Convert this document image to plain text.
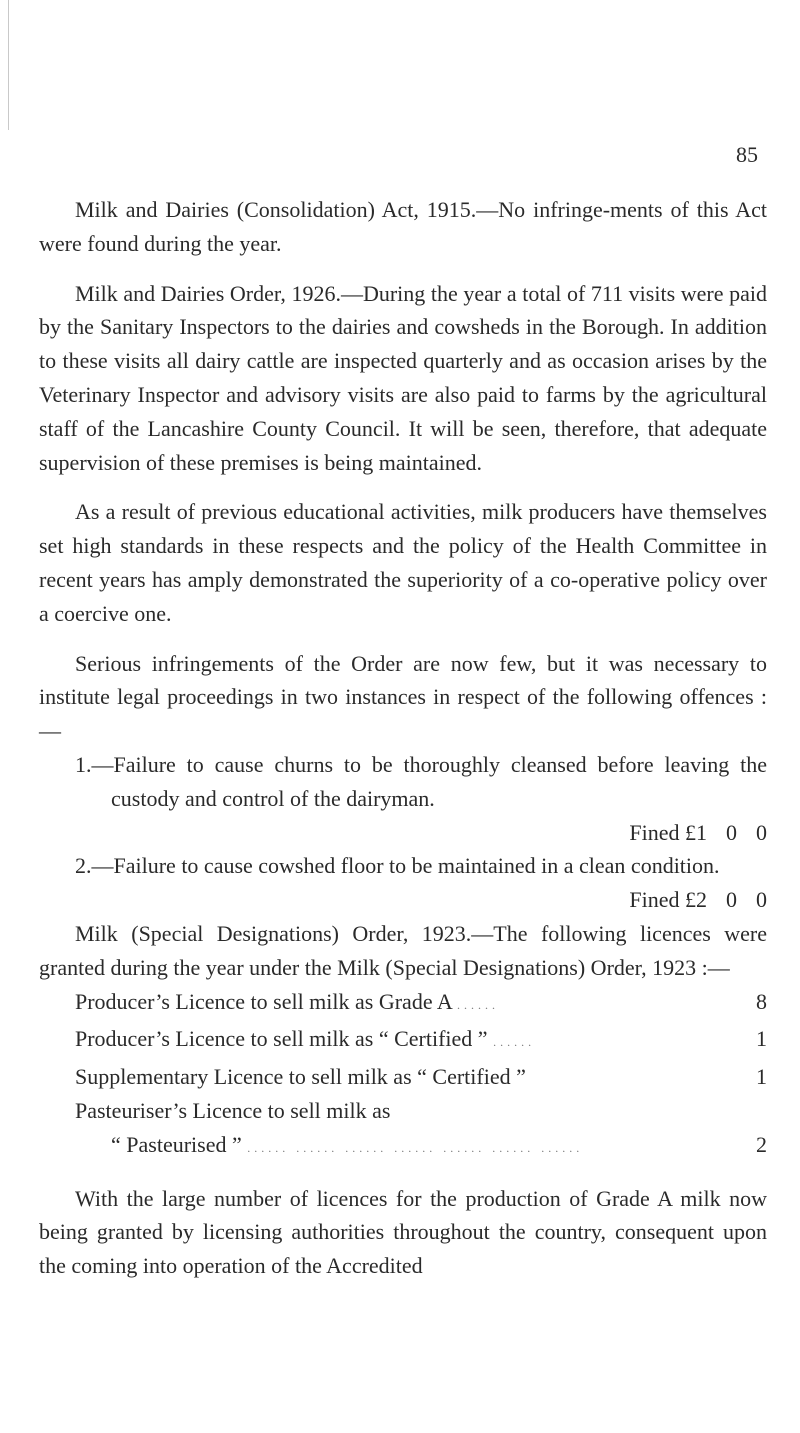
85

Milk and Dairies (Consolidation) Act, 1915.—No infringe-ments of this Act were found during the year.

Milk and Dairies Order, 1926.—During the year a total of 711 visits were paid by the Sanitary Inspectors to the dairies and cowsheds in the Borough. In addition to these visits all dairy cattle are inspected quarterly and as occasion arises by the Veterinary Inspector and advisory visits are also paid to farms by the agricultural staff of the Lancashire County Council. It will be seen, therefore, that adequate supervision of these premises is being maintained.

As a result of previous educational activities, milk producers have themselves set high standards in these respects and the policy of the Health Committee in recent years has amply demonstrated the superiority of a co-operative policy over a coercive one.

Serious infringements of the Order are now few, but it was necessary to institute legal proceedings in two instances in respect of the following offences :—

1.—Failure to cause churns to be thoroughly cleansed before leaving the custody and control of the dairyman.
Fined £1 0 0
2.—Failure to cause cowshed floor to be maintained in a clean condition.
Fined £2 0 0

Milk (Special Designations) Order, 1923.—The following licences were granted during the year under the Milk (Special Designations) Order, 1923 :—

Producer’s Licence to sell milk as Grade A ......	8
Producer’s Licence to sell milk as “ Certified ” ......	1
Supplementary Licence to sell milk as “ Certified ”	1
Pasteuriser’s Licence to sell milk as
“ Pasteurised ” ...... ...... ...... ...... ...... ...... ......	2

With the large number of licences for the production of Grade A milk now being granted by licensing authorities throughout the country, consequent upon the coming into operation of the Accredited
